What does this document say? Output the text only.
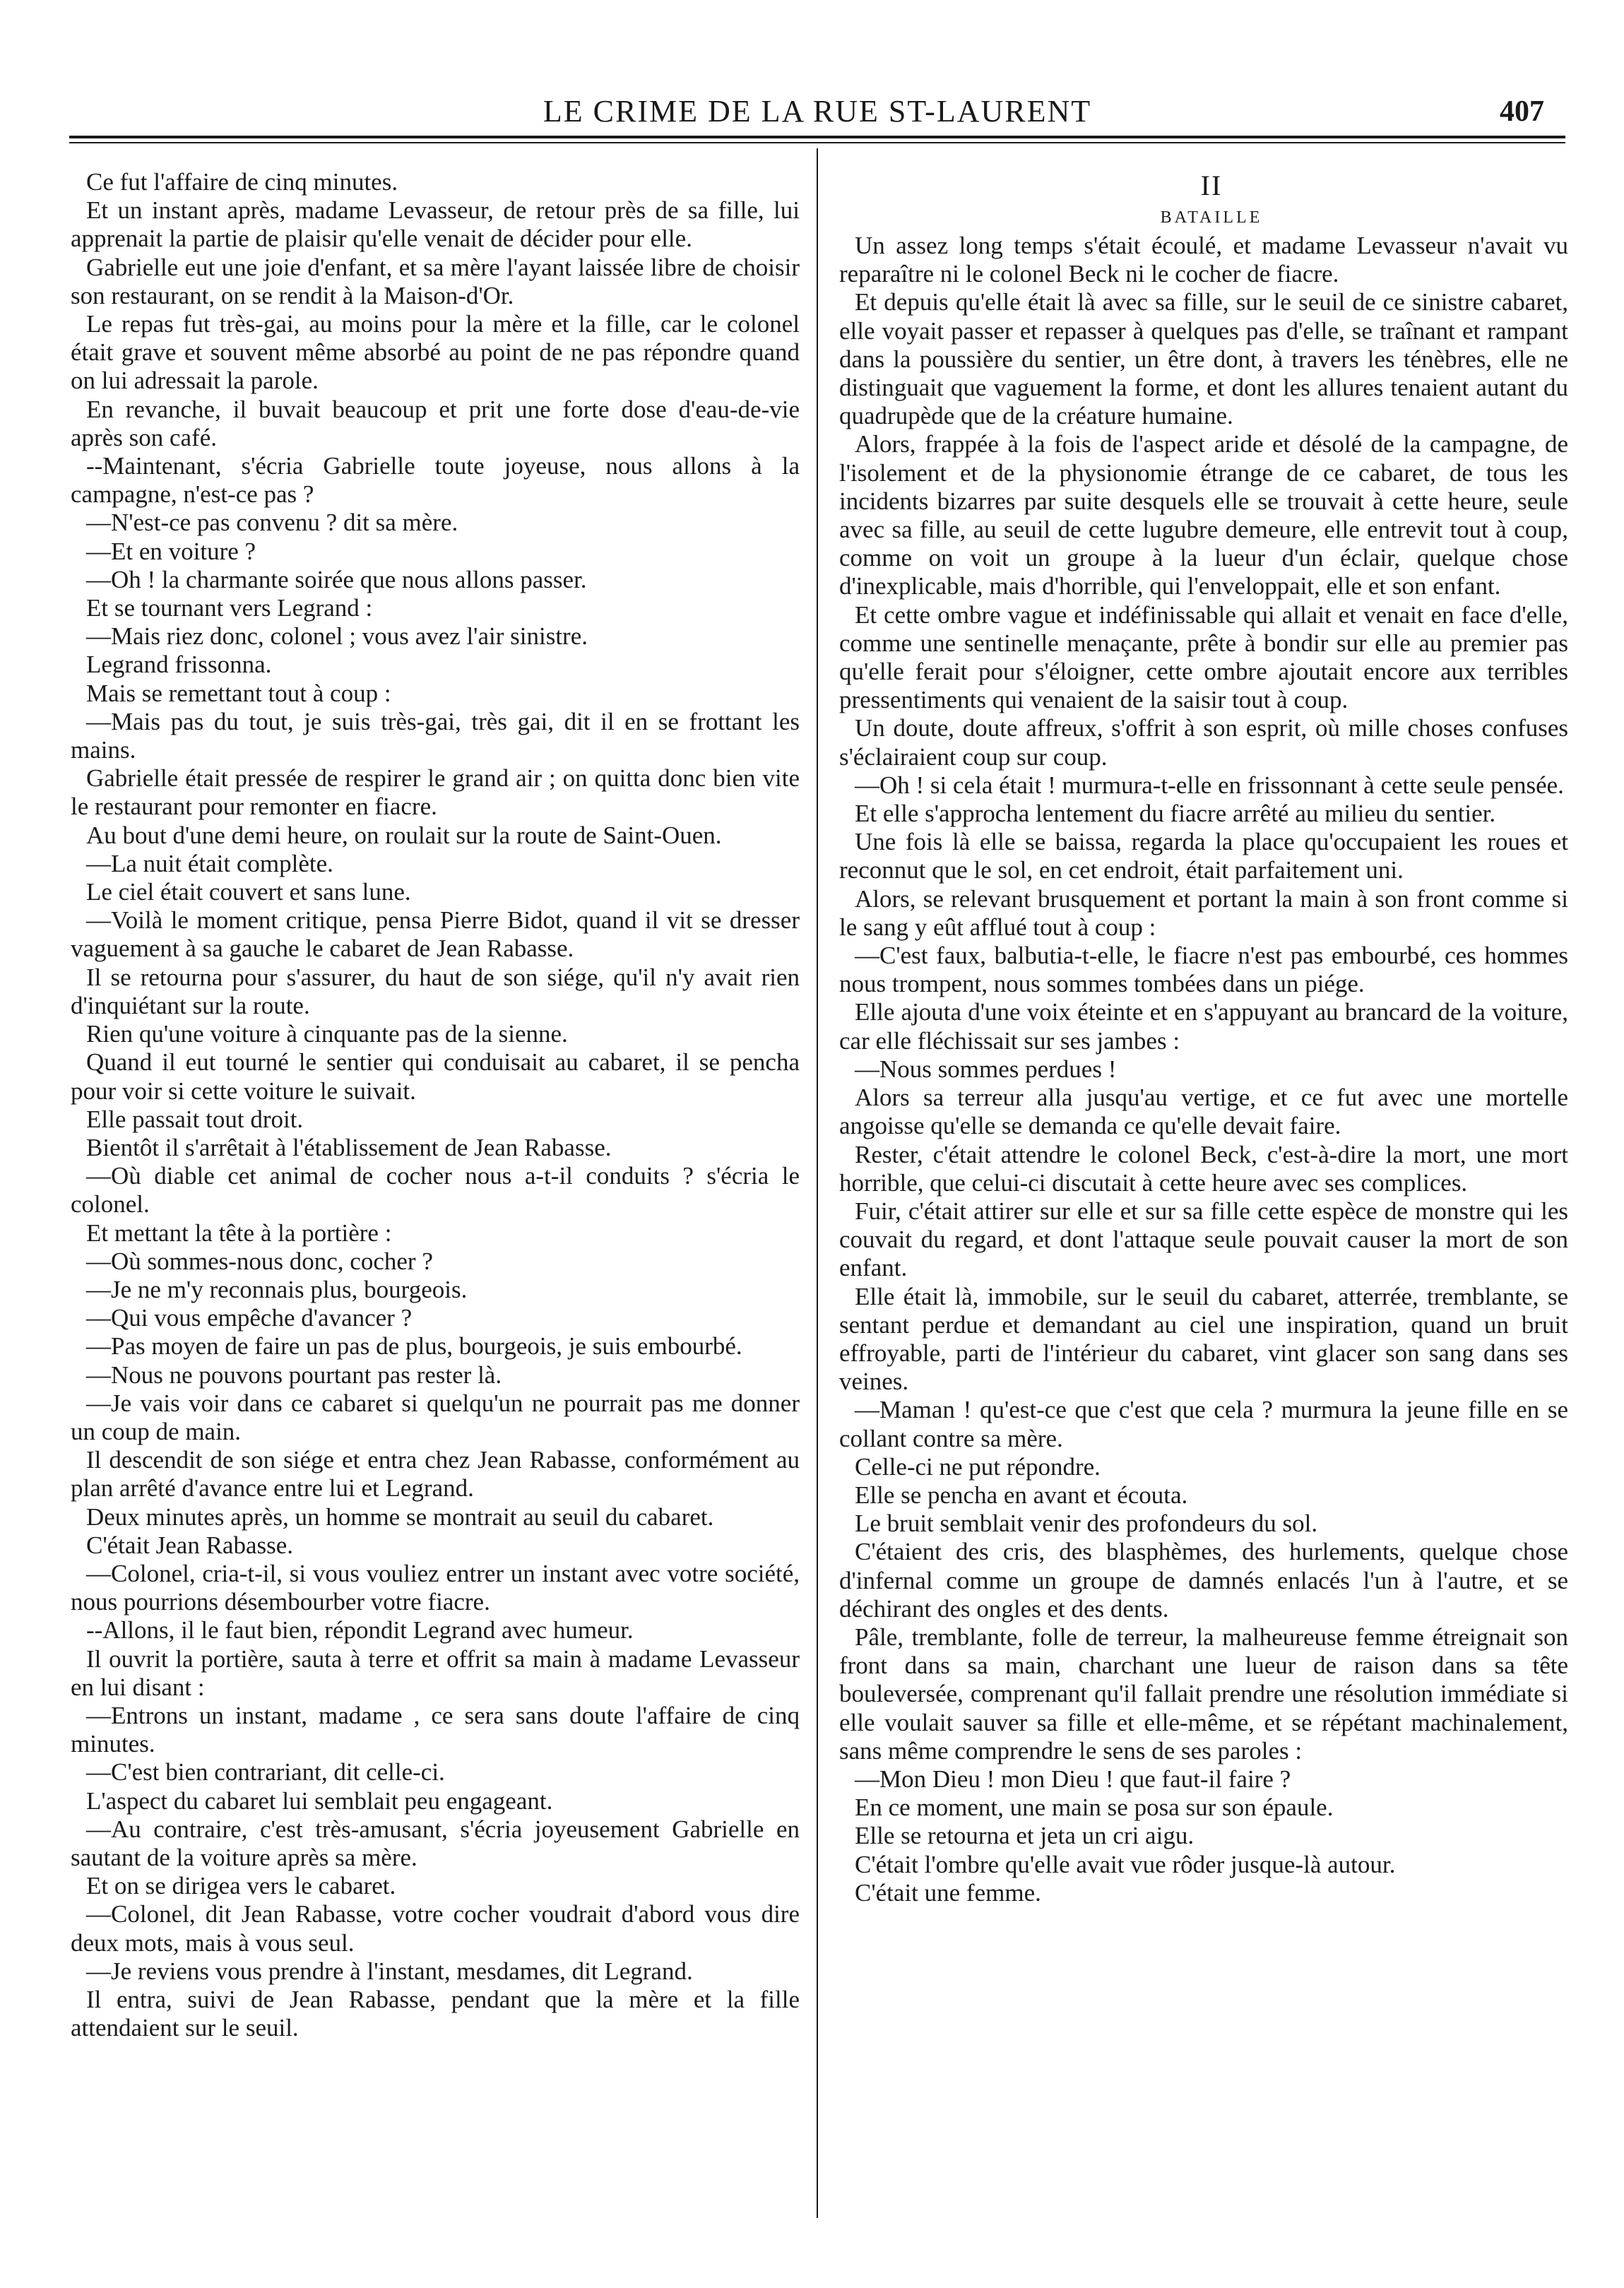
LE CRIME DE LA RUE ST-LAURENT	407

Ce fut l'affaire de cinq minutes.

Et un instant après, madame Levasseur, de retour près de sa fille, lui apprenait la partie de plaisir qu'elle venait de décider pour elle.

Gabrielle eut une joie d'enfant, et sa mère l'ayant laissée libre de choisir son restaurant, on se rendit à la Maison-d'Or.

Le repas fut très-gai, au moins pour la mère et la fille, car le colonel était grave et souvent même absorbé au point de ne pas répondre quand on lui adressait la parole.

En revanche, il buvait beaucoup et prit une forte dose d'eau-de-vie après son café.

--Maintenant, s'écria Gabrielle toute joyeuse, nous allons à la campagne, n'est-ce pas ?

—N'est-ce pas convenu ? dit sa mère.

—Et en voiture ?

—Oh ! la charmante soirée que nous allons passer.

Et se tournant vers Legrand :

—Mais riez donc, colonel ; vous avez l'air sinistre.

Legrand frissonna.

Mais se remettant tout à coup :

—Mais pas du tout, je suis très-gai, très gai, dit il en se frottant les mains.

Gabrielle était pressée de respirer le grand air ; on quitta donc bien vite le restaurant pour remonter en fiacre.

Au bout d'une demi heure, on roulait sur la route de Saint-Ouen.

—La nuit était complète.

Le ciel était couvert et sans lune.

—Voilà le moment critique, pensa Pierre Bidot, quand il vit se dresser vaguement à sa gauche le cabaret de Jean Rabasse.

Il se retourna pour s'assurer, du haut de son siége, qu'il n'y avait rien d'inquiétant sur la route.

Rien qu'une voiture à cinquante pas de la sienne.

Quand il eut tourné le sentier qui conduisait au cabaret, il se pencha pour voir si cette voiture le suivait.

Elle passait tout droit.

Bientôt il s'arrêtait à l'établissement de Jean Rabasse.

—Où diable cet animal de cocher nous a-t-il conduits ? s'écria le colonel.

Et mettant la tête à la portière :

—Où sommes-nous donc, cocher ?

—Je ne m'y reconnais plus, bourgeois.

—Qui vous empêche d'avancer ?

—Pas moyen de faire un pas de plus, bourgeois, je suis embourbé.

—Nous ne pouvons pourtant pas rester là.

—Je vais voir dans ce cabaret si quelqu'un ne pourrait pas me donner un coup de main.

Il descendit de son siége et entra chez Jean Rabasse, conformément au plan arrêté d'avance entre lui et Legrand.

Deux minutes après, un homme se montrait au seuil du cabaret.

C'était Jean Rabasse.

—Colonel, cria-t-il, si vous vouliez entrer un instant avec votre société, nous pourrions désembourber votre fiacre.

--Allons, il le faut bien, répondit Legrand avec humeur.

Il ouvrit la portière, sauta à terre et offrit sa main à madame Levasseur en lui disant :

—Entrons un instant, madame , ce sera sans doute l'affaire de cinq minutes.

—C'est bien contrariant, dit celle-ci.

L'aspect du cabaret lui semblait peu engageant.

—Au contraire, c'est très-amusant, s'écria joyeusement Gabrielle en sautant de la voiture après sa mère.

Et on se dirigea vers le cabaret.

—Colonel, dit Jean Rabasse, votre cocher voudrait d'abord vous dire deux mots, mais à vous seul.

—Je reviens vous prendre à l'instant, mesdames, dit Legrand.

Il entra, suivi de Jean Rabasse, pendant que la mère et la fille attendaient sur le seuil.

II

BATAILLE

Un assez long temps s'était écoulé, et madame Levasseur n'avait vu reparaître ni le colonel Beck ni le cocher de fiacre.

Et depuis qu'elle était là avec sa fille, sur le seuil de ce sinistre cabaret, elle voyait passer et repasser à quelques pas d'elle, se traînant et rampant dans la poussière du sentier, un être dont, à travers les ténèbres, elle ne distinguait que vaguement la forme, et dont les allures tenaient autant du quadrupède que de la créature humaine.

Alors, frappée à la fois de l'aspect aride et désolé de la campagne, de l'isolement et de la physionomie étrange de ce cabaret, de tous les incidents bizarres par suite desquels elle se trouvait à cette heure, seule avec sa fille, au seuil de cette lugubre demeure, elle entrevit tout à coup, comme on voit un groupe à la lueur d'un éclair, quelque chose d'inexplicable, mais d'horrible, qui l'enveloppait, elle et son enfant.

Et cette ombre vague et indéfinissable qui allait et venait en face d'elle, comme une sentinelle menaçante, prête à bondir sur elle au premier pas qu'elle ferait pour s'éloigner, cette ombre ajoutait encore aux terribles pressentiments qui venaient de la saisir tout à coup.

Un doute, doute affreux, s'offrit à son esprit, où mille choses confuses s'éclairaient coup sur coup.

—Oh ! si cela était ! murmura-t-elle en frissonnant à cette seule pensée.

Et elle s'approcha lentement du fiacre arrêté au milieu du sentier.

Une fois là elle se baissa, regarda la place qu'occupaient les roues et reconnut que le sol, en cet endroit, était parfaitement uni.

Alors, se relevant brusquement et portant la main à son front comme si le sang y eût afflué tout à coup :

—C'est faux, balbutia-t-elle, le fiacre n'est pas embourbé, ces hommes nous trompent, nous sommes tombées dans un piége.

Elle ajouta d'une voix éteinte et en s'appuyant au brancard de la voiture, car elle fléchissait sur ses jambes :

—Nous sommes perdues !

Alors sa terreur alla jusqu'au vertige, et ce fut avec une mortelle angoisse qu'elle se demanda ce qu'elle devait faire.

Rester, c'était attendre le colonel Beck, c'est-à-dire la mort, une mort horrible, que celui-ci discutait à cette heure avec ses complices.

Fuir, c'était attirer sur elle et sur sa fille cette espèce de monstre qui les couvait du regard, et dont l'attaque seule pouvait causer la mort de son enfant.

Elle était là, immobile, sur le seuil du cabaret, atterrée, tremblante, se sentant perdue et demandant au ciel une inspiration, quand un bruit effroyable, parti de l'intérieur du cabaret, vint glacer son sang dans ses veines.

—Maman ! qu'est-ce que c'est que cela ? murmura la jeune fille en se collant contre sa mère.

Celle-ci ne put répondre.

Elle se pencha en avant et écouta.

Le bruit semblait venir des profondeurs du sol.

C'étaient des cris, des blasphèmes, des hurlements, quelque chose d'infernal comme un groupe de damnés enlacés l'un à l'autre, et se déchirant des ongles et des dents.

Pâle, tremblante, folle de terreur, la malheureuse femme étreignait son front dans sa main, charchant une lueur de raison dans sa tête bouleversée, comprenant qu'il fallait prendre une résolution immédiate si elle voulait sauver sa fille et elle-même, et se répétant machinalement, sans même comprendre le sens de ses paroles :

—Mon Dieu ! mon Dieu ! que faut-il faire ?

En ce moment, une main se posa sur son épaule.

Elle se retourna et jeta un cri aigu.

C'était l'ombre qu'elle avait vue rôder jusque-là autour.

C'était une femme.
